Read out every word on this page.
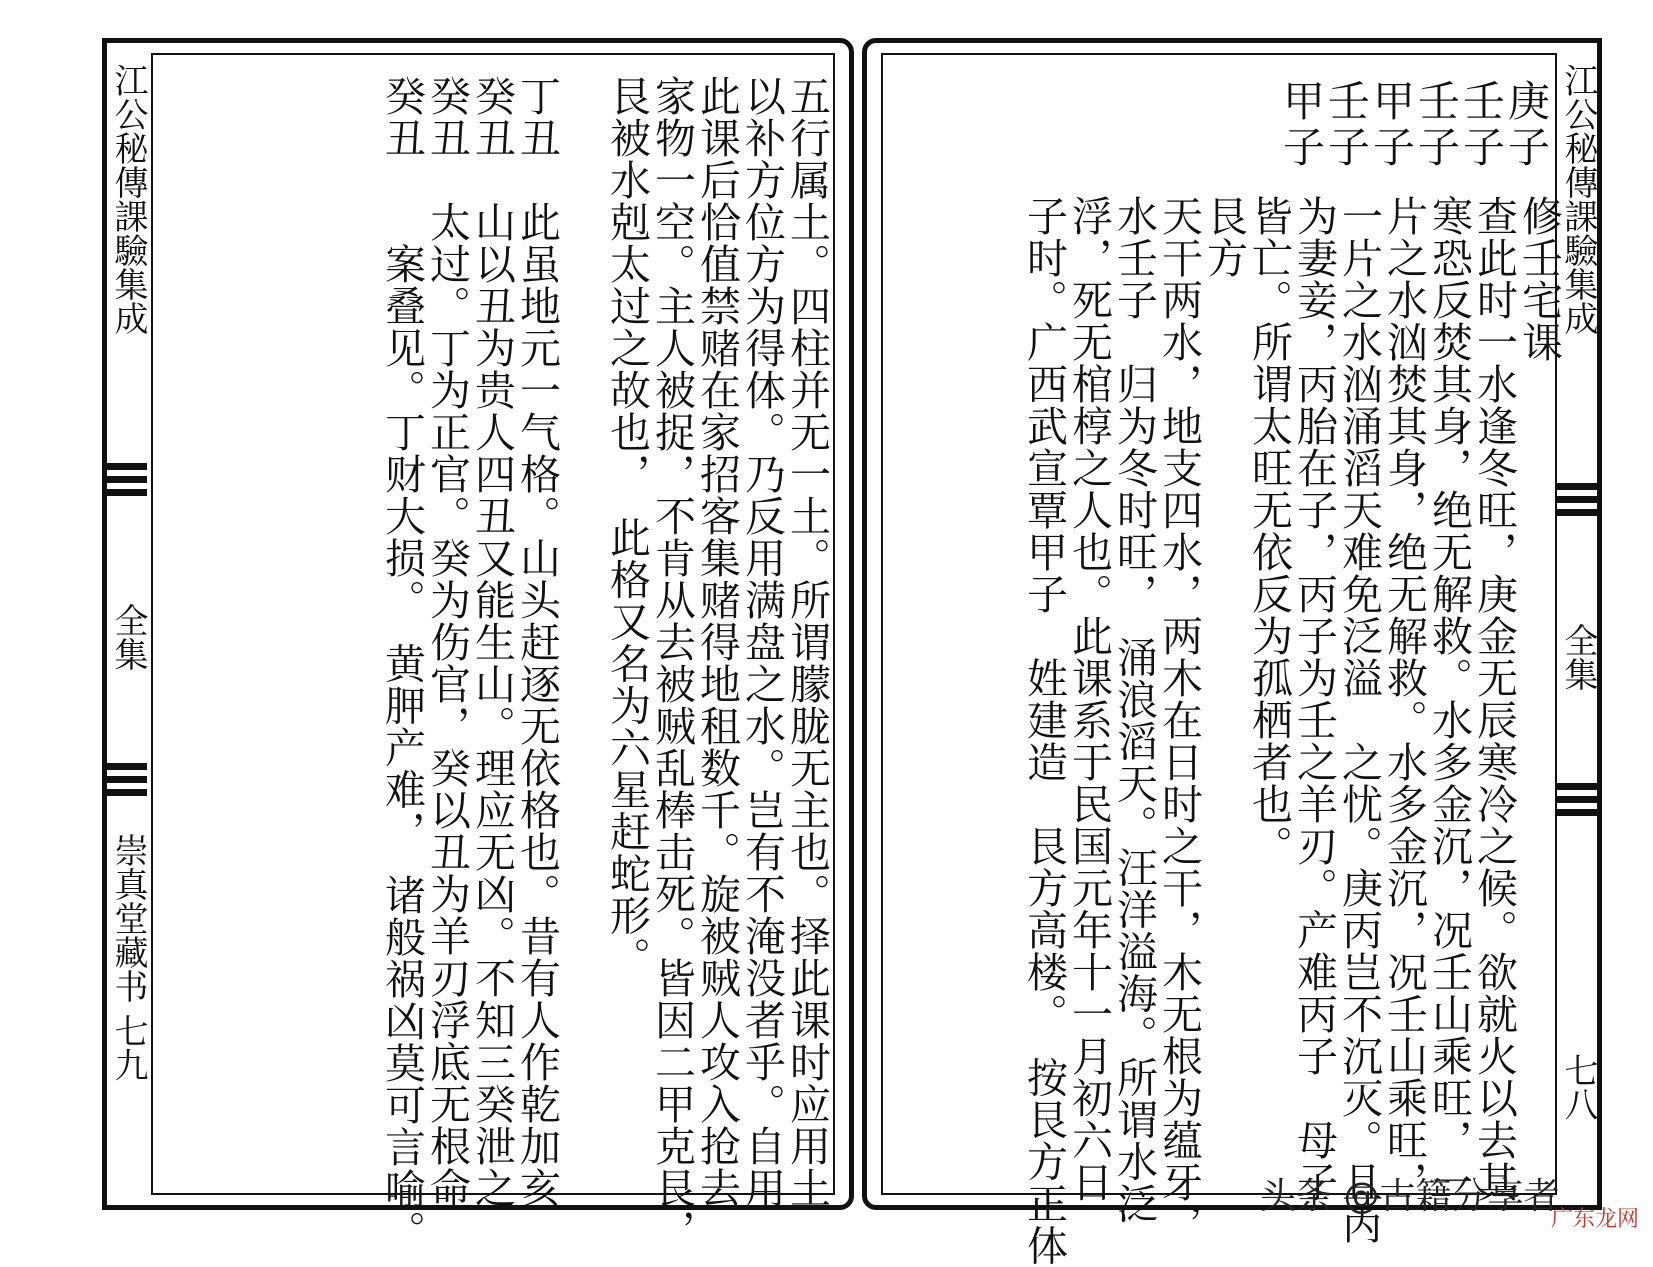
五行属土。四柱并无一土。所谓朦胧无主也。择此课时应用土
以补方位方为得体。乃反用满盘之水。岂有不淹没者乎。自用
此课后恰值禁赌在家招客集赌得地租数千。旋被贼人攻入抢去
家物一空。主人被捉，不肯从去被贼乱棒击死。皆因二甲克艮，
艮被水剋太过之故也，　此格又名为六星赶蛇形。
丁丑　此虽地元一气格。山头赶逐无依格也。昔有人作乾加亥
癸丑　山以丑为贵人四丑又能生山。理应无凶。不知三癸泄之
癸丑　太过。丁为正官。癸为伤官，癸以丑为羊刃浮底无根命
癸丑　　案叠见。丁财大损。　黄胛产难，　诸般祸凶莫可言喻。
江公秘傳課驗集成
全集
崇真堂藏书 七九
庚子
壬子
壬子
甲子
壬子
甲子
修壬宅课
查此时一水逢冬旺，庚金无辰寒冷之候。欲就火以去其
寒恐反焚其身，绝无解救。水多金沉，况壬山乘旺，一
片之水汹焚其身，绝无解救。水多金沉，况壬山乘旺，
一片之水汹涌滔天难免泛溢　之忧。庚丙岂不沉灭。且丙
为妻妾，丙胎在子，丙子为壬之羊刃。产难丙子　母子
皆亡。所谓太旺无依反为孤栖者也。
艮方
天干两水，地支四水，两木在日时之干，木无根为蕴牙，
水壬子　归为冬时旺，　涌浪滔天。汪洋溢海。所谓水泛
浮，死无棺椁之人也。此课系于民国元年十一月初六日
子时。广西武宣覃甲子　姓建造　艮方高楼。　按艮方正体	江公秘傳課驗集成
全集
七八
头条 @古籍分享者
广东龙网
